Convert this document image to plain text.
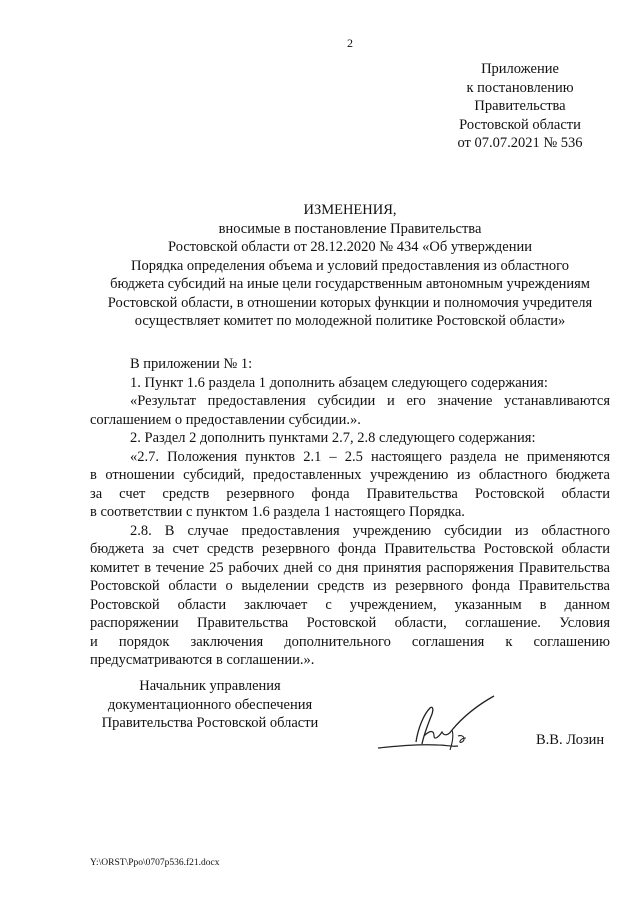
2
Приложение
к постановлению
Правительства
Ростовской области
от 07.07.2021 № 536
ИЗМЕНЕНИЯ,
вносимые в постановление Правительства
Ростовской области от 28.12.2020 № 434 «Об утверждении
Порядка определения объема и условий предоставления из областного
бюджета субсидий на иные цели государственным автономным учреждениям
Ростовской области, в отношении которых функции и полномочия учредителя
осуществляет комитет по молодежной политике Ростовской области»
В приложении № 1:
1. Пункт 1.6 раздела 1 дополнить абзацем следующего содержания:
«Результат предоставления субсидии и его значение устанавливаются
соглашением о предоставлении субсидии.».
2. Раздел 2 дополнить пунктами 2.7, 2.8 следующего содержания:
«2.7. Положения пунктов 2.1 – 2.5 настоящего раздела не применяются
в отношении субсидий, предоставленных учреждению из областного бюджета
за счет средств резервного фонда Правительства Ростовской области
в соответствии с пунктом 1.6 раздела 1 настоящего Порядка.
2.8. В случае предоставления учреждению субсидии из областного
бюджета за счет средств резервного фонда Правительства Ростовской области
комитет в течение 25 рабочих дней со дня принятия распоряжения Правительства
Ростовской области о выделении средств из резервного фонда Правительства
Ростовской области заключает с учреждением, указанным в данном
распоряжении Правительства Ростовской области, соглашение. Условия
и порядок заключения дополнительного соглашения к соглашению
предусматриваются в соглашении.».
Начальник управления
документационного обеспечения
Правительства Ростовской области
В.В. Лозин
Y:\ORST\Ppo\0707p536.f21.docx
